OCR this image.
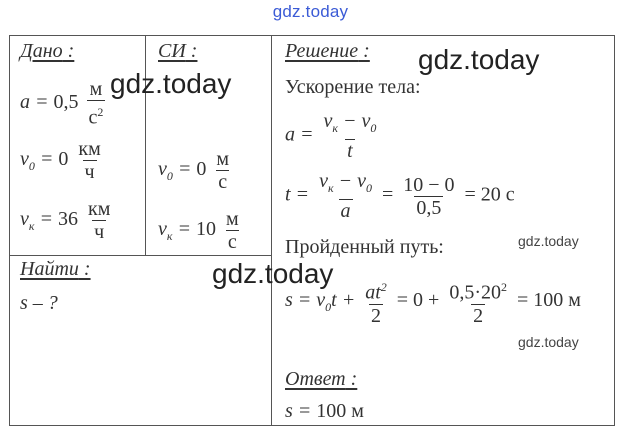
gdz.today
Дано :
$a = 0,5 \frac{м}{с^2}$
$v_0 = 0 \frac{км}{ч}$
$v_к = 36 \frac{км}{ч}$
Найти :
s – ?
СИ :
$v_0 = 0 \frac{м}{с}$
$v_к = 10 \frac{м}{с}$
Решение :
Ускорение тела:
$a = \frac{v_к - v_0}{t}$
$t = \frac{v_к - v_0}{a} = \frac{10 - 0}{0,5} = 20$ с
Пройденный путь:
$s = v_0t + \frac{at^2}{2} = 0 + \frac{0,5\cdot 20^2}{2} = 100$ м
Ответ :
s = 100 м
gdz.today
gdz.today
gdz.today
gdz.today
gdz.today
